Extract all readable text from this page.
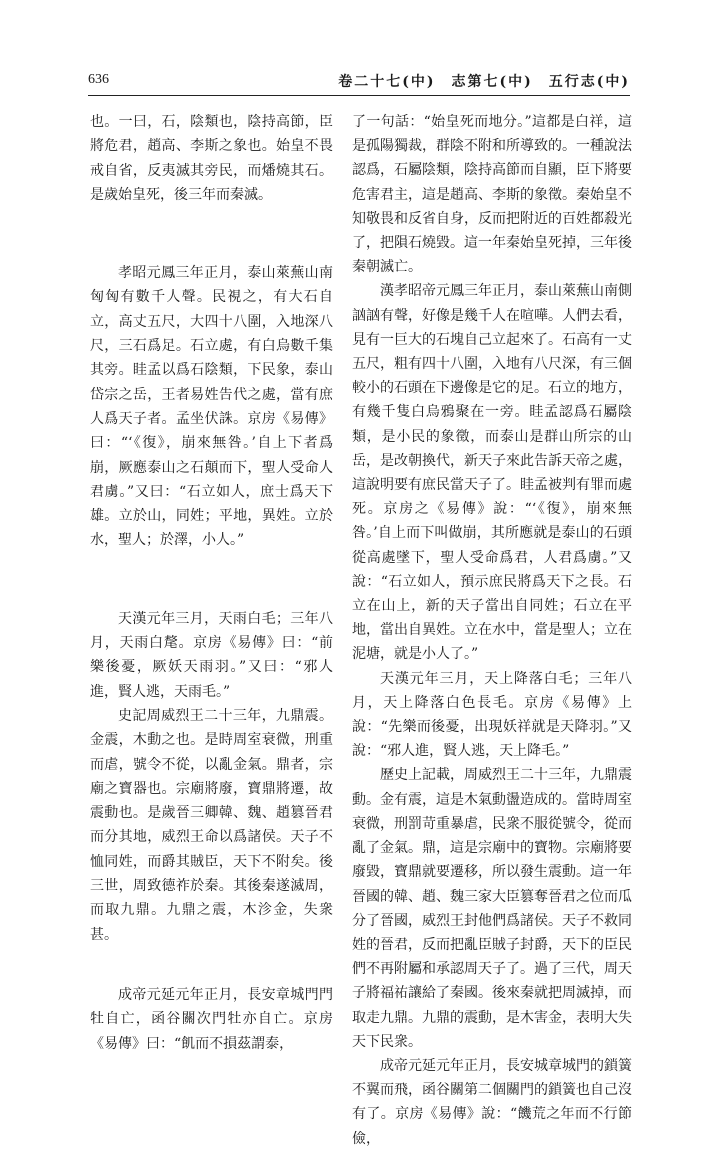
636	卷二十七(中)　志第七(中)　五行志(中)

也。一曰，石，陰類也，陰持高節，臣將危君，趙高、李斯之象也。始皇不畏戒自省，反夷滅其旁民，而燔燒其石。是歲始皇死，後三年而秦滅。

孝昭元鳳三年正月，泰山萊蕪山南匈匈有數千人聲。民視之，有大石自立，高丈五尺，大四十八圍，入地深八尺，三石爲足。石立處，有白烏數千集其旁。眭孟以爲石陰類，下民象，泰山岱宗之岳，王者易姓告代之處，當有庶人爲天子者。孟坐伏誅。京房《易傳》曰：“‘《復》，崩來無咎。’自上下者爲崩，厥應泰山之石顛而下，聖人受命人君虜。”又曰：“石立如人，庶士爲天下雄。立於山，同姓；平地，異姓。立於水，聖人；於澤，小人。”

天漢元年三月，天雨白毛；三年八月，天雨白氂。京房《易傳》曰：“前樂後憂，厥妖天雨羽。”又曰：“邪人進，賢人逃，天雨毛。”

史記周威烈王二十三年，九鼎震。金震，木動之也。是時周室衰微，刑重而虐，號令不從，以亂金氣。鼎者，宗廟之寶器也。宗廟將廢，寶鼎將遷，故震動也。是歲晉三卿韓、魏、趙篡晉君而分其地，威烈王命以爲諸侯。天子不恤同姓，而爵其賊臣，天下不附矣。後三世，周致德祚於秦。其後秦遂滅周，而取九鼎。九鼎之震，木沴金，失衆甚。

成帝元延元年正月，長安章城門門牡自亡，函谷關次門牡亦自亡。京房《易傳》曰：“飢而不損茲謂泰，

了一句話：“始皇死而地分。”這都是白祥，這是孤陽獨裁，群陰不附和所導致的。一種說法認爲，石屬陰類，陰持高節而自顯，臣下將要危害君主，這是趙高、李斯的象徵。秦始皇不知敬畏和反省自身，反而把附近的百姓都殺光了，把隕石燒毀。這一年秦始皇死掉，三年後秦朝滅亡。

漢孝昭帝元鳳三年正月，泰山萊蕪山南側訩訩有聲，好像是幾千人在喧嘩。人們去看，見有一巨大的石塊自己立起來了。石高有一丈五尺，粗有四十八圍，入地有八尺深，有三個較小的石頭在下邊像是它的足。石立的地方，有幾千隻白烏鴉聚在一旁。眭孟認爲石屬陰類，是小民的象徵，而泰山是群山所宗的山岳，是改朝換代，新天子來此告訴天帝之處，這說明要有庶民當天子了。眭孟被判有罪而處死。京房之《易傳》說：“‘《復》，崩來無咎。’自上而下叫做崩，其所應就是泰山的石頭從高處墜下，聖人受命爲君，人君爲虜。”又說：“石立如人，預示庶民將爲天下之長。石立在山上，新的天子當出自同姓；石立在平地，當出自異姓。立在水中，當是聖人；立在泥塘，就是小人了。”

天漢元年三月，天上降落白毛；三年八月，天上降落白色長毛。京房《易傳》上說：“先樂而後憂，出現妖祥就是天降羽。”又說：“邪人進，賢人逃，天上降毛。”

歷史上記載，周威烈王二十三年，九鼎震動。金有震，這是木氣動盪造成的。當時周室衰微，刑罰苛重暴虐，民衆不服從號令，從而亂了金氣。鼎，這是宗廟中的寶物。宗廟將要廢毀，寶鼎就要遷移，所以發生震動。這一年晉國的韓、趙、魏三家大臣篡奪晉君之位而瓜分了晉國，威烈王封他們爲諸侯。天子不救同姓的晉君，反而把亂臣賊子封爵，天下的臣民們不再附屬和承認周天子了。過了三代，周天子將福祐讓給了秦國。後來秦就把周滅掉，而取走九鼎。九鼎的震動，是木害金，表明大失天下民衆。

成帝元延元年正月，長安城章城門的鎖簧不翼而飛，函谷關第二個關門的鎖簧也自己沒有了。京房《易傳》說：“饑荒之年而不行節儉，
